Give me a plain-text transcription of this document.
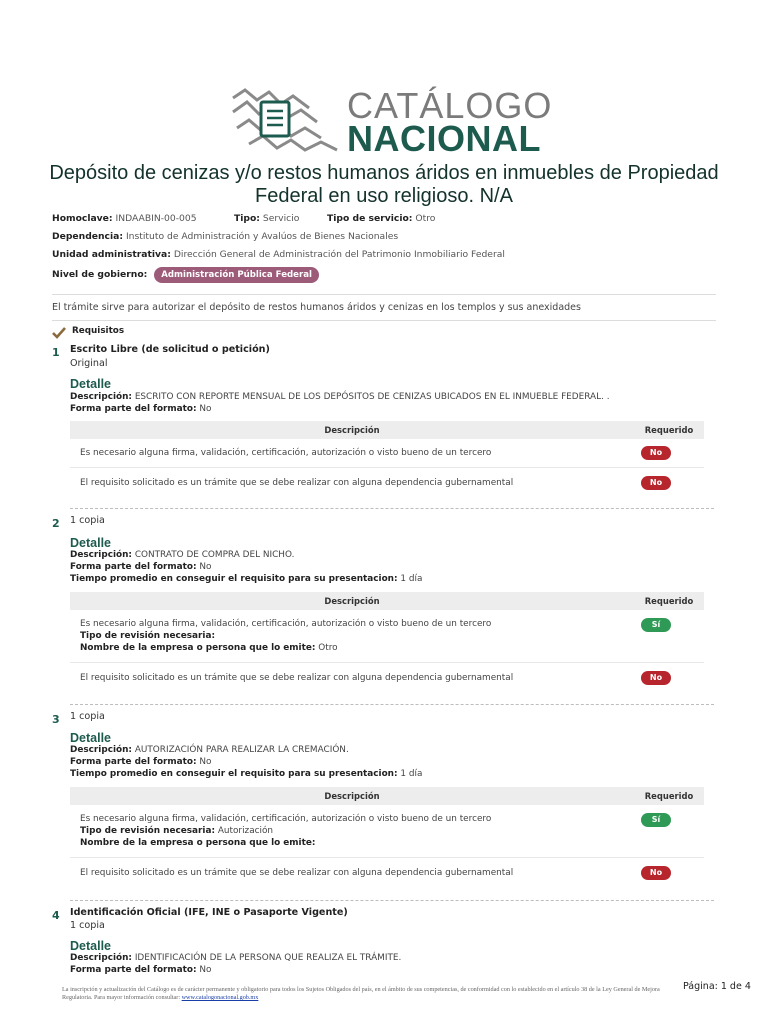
CATÁLOGO
NACIONAL
Depósito de cenizas y/o restos humanos áridos en inmuebles de Propiedad Federal en uso religioso. N/A
Homoclave: INDAABIN-00-005	Tipo: Servicio	Tipo de servicio: Otro
Dependencia: Instituto de Administración y Avalúos de Bienes Nacionales
Unidad administrativa: Dirección General de Administración del Patrimonio Inmobiliario Federal
Nivel de gobierno: Administración Pública Federal
El trámite sirve para autorizar el depósito de restos humanos áridos y cenizas en los templos y sus anexidades
Requisitos
1 Escrito Libre (de solicitud o petición)
Original
Detalle
Descripción: ESCRITO CON REPORTE MENSUAL DE LOS DEPÓSITOS DE CENIZAS UBICADOS EN EL INMUEBLE FEDERAL. .
Forma parte del formato: No
Descripción	Requerido
Es necesario alguna firma, validación, certificación, autorización o visto bueno de un tercero	No
El requisito solicitado es un trámite que se debe realizar con alguna dependencia gubernamental	No
2 1 copia
Detalle
Descripción: CONTRATO DE COMPRA DEL NICHO.
Forma parte del formato: No
Tiempo promedio en conseguir el requisito para su presentacion: 1 día
Descripción	Requerido
Es necesario alguna firma, validación, certificación, autorización o visto bueno de un tercero	Sí
Tipo de revisión necesaria:
Nombre de la empresa o persona que lo emite: Otro
El requisito solicitado es un trámite que se debe realizar con alguna dependencia gubernamental	No
3 1 copia
Detalle
Descripción: AUTORIZACIÓN PARA REALIZAR LA CREMACIÓN.
Forma parte del formato: No
Tiempo promedio en conseguir el requisito para su presentacion: 1 día
Descripción	Requerido
Es necesario alguna firma, validación, certificación, autorización o visto bueno de un tercero	Sí
Tipo de revisión necesaria: Autorización
Nombre de la empresa o persona que lo emite:
El requisito solicitado es un trámite que se debe realizar con alguna dependencia gubernamental	No
4 Identificación Oficial (IFE, INE o Pasaporte Vigente)
1 copia
Detalle
Descripción: IDENTIFICACIÓN DE LA PERSONA QUE REALIZA EL TRÁMITE.
Forma parte del formato: No
La inscripción y actualización del Catálogo es de carácter permanente y obligatorio para todos los Sujetos Obligados del país, en el ámbito de sus competencias, de conformidad con lo establecido en el artículo 38 de la Ley General de Mejora Regulatoria. Para mayor información consultar: www.catalogonacional.gob.mx
Página: 1 de 4
